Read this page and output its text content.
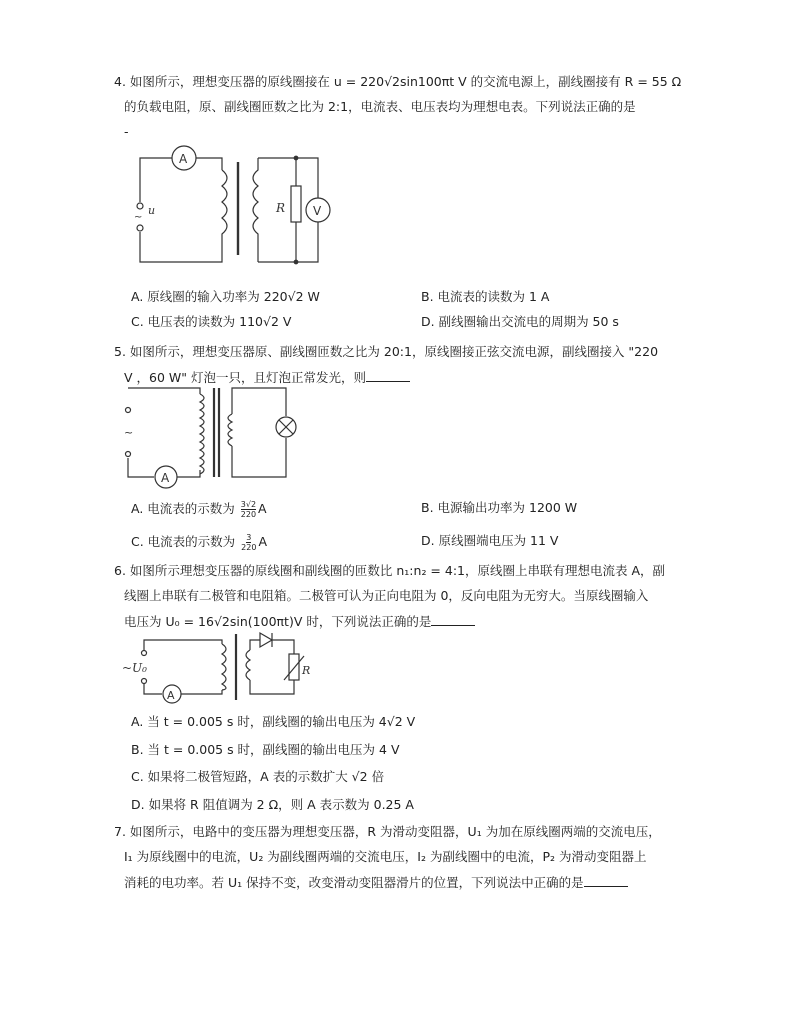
4. 如图所示，理想变压器的原线圈接在 u = 220√2sin100πt V 的交流电源上，副线圈接有 R = 55 Ω
的负载电阻，原、副线圈匝数之比为 2:1，电流表、电压表均为理想电表。下列说法正确的是
-
A
~
u	R V
A. 原线圈的输入功率为 220√2 W	B. 电流表的读数为 1 A
C. 电压表的读数为 110√2 V	D. 副线圈输出交流电的周期为 50 s
5. 如图所示，理想变压器原、副线圈匝数之比为 20:1，原线圈接正弦交流电源，副线圈接入 "220
V ，60 W" 灯泡一只，且灯泡正常发光，则
~
A
A. 电流表的示数为 $\frac{3√2}{220}$ A	B. 电源输出功率为 1200 W
C. 电流表的示数为 $\frac{3}{220}$ A	D. 原线圈端电压为 11 V
6. 如图所示理想变压器的原线圈和副线圈的匝数比 n₁:n₂ = 4:1，原线圈上串联有理想电流表 A，副
线圈上串联有二极管和电阻箱。二极管可认为正向电阻为 0，反向电阻为无穷大。当原线圈输入
电压为 U₀ = 16√2sin(100πt)V 时，下列说法正确的是
~U₀
A
R
A. 当 t = 0.005 s 时，副线圈的输出电压为 4√2 V
B. 当 t = 0.005 s 时，副线圈的输出电压为 4 V
C. 如果将二极管短路，A 表的示数扩大 √2 倍
D. 如果将 R 阻值调为 2 Ω，则 A 表示数为 0.25 A
7. 如图所示，电路中的变压器为理想变压器，R 为滑动变阻器，U₁ 为加在原线圈两端的交流电压，
I₁ 为原线圈中的电流，U₂ 为副线圈两端的交流电压，I₂ 为副线圈中的电流，P₂ 为滑动变阻器上
消耗的电功率。若 U₁ 保持不变，改变滑动变阻器滑片的位置，下列说法中正确的是
